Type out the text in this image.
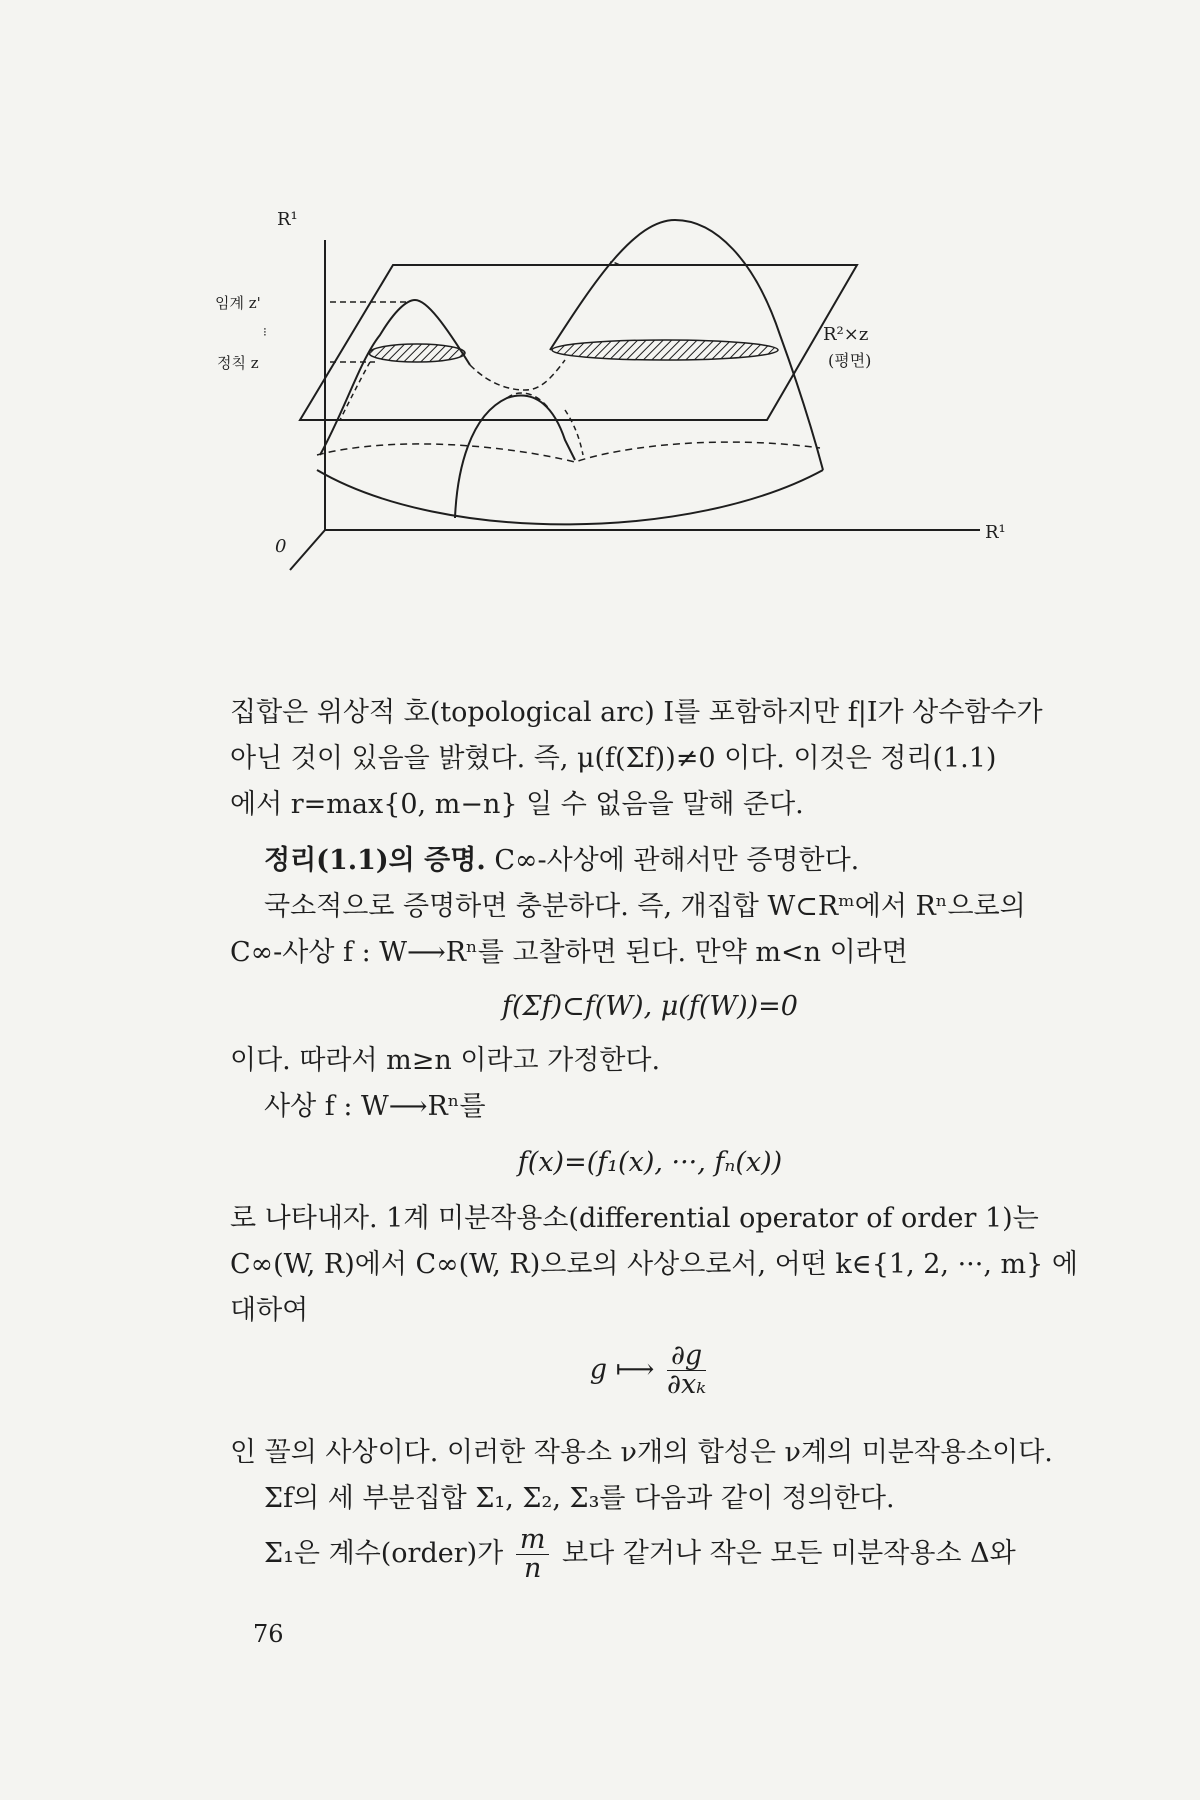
R¹
R¹
0
임계 z'
⁝
정칙 z
R²×z
(평면)
집합은 위상적 호(topological arc) I를 포함하지만 f|I가 상수함수가
아닌 것이 있음을 밝혔다. 즉, μ(f(Σf))≠0 이다. 이것은 정리(1.1)
에서 r=max{0, m−n} 일 수 없음을 말해 준다.
정리(1.1)의 증명. C∞-사상에 관해서만 증명한다.
국소적으로 증명하면 충분하다. 즉, 개집합 W⊂Rᵐ에서 Rⁿ으로의
C∞-사상 f : W⟶Rⁿ를 고찰하면 된다. 만약 m<n 이라면
f(Σf)⊂f(W), μ(f(W))=0
이다. 따라서 m≥n 이라고 가정한다.
사상 f : W⟶Rⁿ를
f(x)=(f₁(x), ···, fₙ(x))
로 나타내자. 1계 미분작용소(differential operator of order 1)는
C∞(W, R)에서 C∞(W, R)으로의 사상으로서, 어떤 k∈{1, 2, ···, m} 에
대하여
g ⟼ $\frac{\partial g}{\text{∂xₖ}}$
인 꼴의 사상이다. 이러한 작용소 ν개의 합성은 ν계의 미분작용소이다.
Σf의 세 부분집합 Σ₁, Σ₂, Σ₃를 다음과 같이 정의한다.
Σ₁은 계수(order)가 $\frac{m}{n}$ 보다 같거나 작은 모든 미분작용소 Δ와
76
